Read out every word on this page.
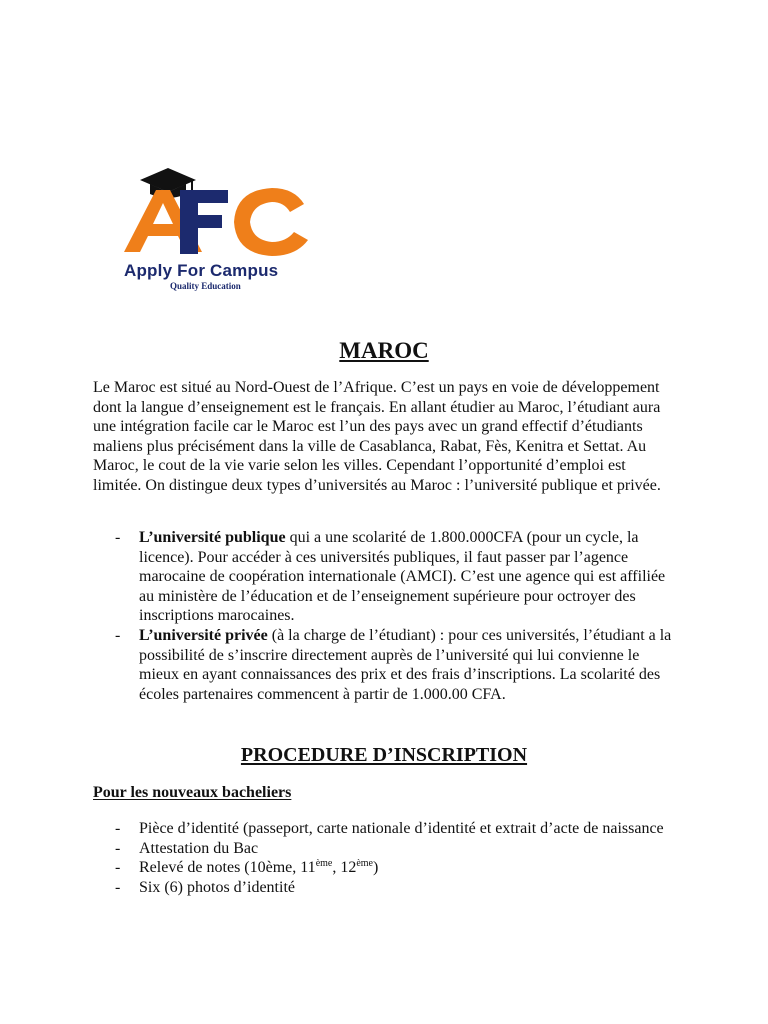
Apply For Campus
Quality Education
MAROC

Le Maroc est situé au Nord-Ouest de l’Afrique. C’est un pays en voie de développement dont la langue d’enseignement est le français. En allant étudier au Maroc, l’étudiant aura une intégration facile car le Maroc est l’un des pays avec un grand effectif d’étudiants maliens plus précisément dans la ville de Casablanca, Rabat, Fès, Kenitra et Settat. Au Maroc, le cout de la vie varie selon les villes. Cependant l’opportunité d’emploi est limitée. On distingue deux types d’universités au Maroc : l’université publique et privée.

- L’université publique qui a une scolarité de 1.800.000CFA (pour un cycle, la licence). Pour accéder à ces universités publiques, il faut passer par l’agence marocaine de coopération internationale (AMCI). C’est une agence qui est affiliée au ministère de l’éducation et de l’enseignement supérieure pour octroyer des inscriptions marocaines.
- L’université privée (à la charge de l’étudiant) : pour ces universités, l’étudiant a la possibilité de s’inscrire directement auprès de l’université qui lui convienne le mieux en ayant connaissances des prix et des frais d’inscriptions. La scolarité des écoles partenaires commencent à partir de 1.000.00 CFA.
PROCEDURE D’INSCRIPTION
Pour les nouveaux bacheliers
- Pièce d’identité (passeport, carte nationale d’identité et extrait d’acte de naissance
- Attestation du Bac
- Relevé de notes (10ème, 11ème, 12ème)
- Six (6) photos d’identité
